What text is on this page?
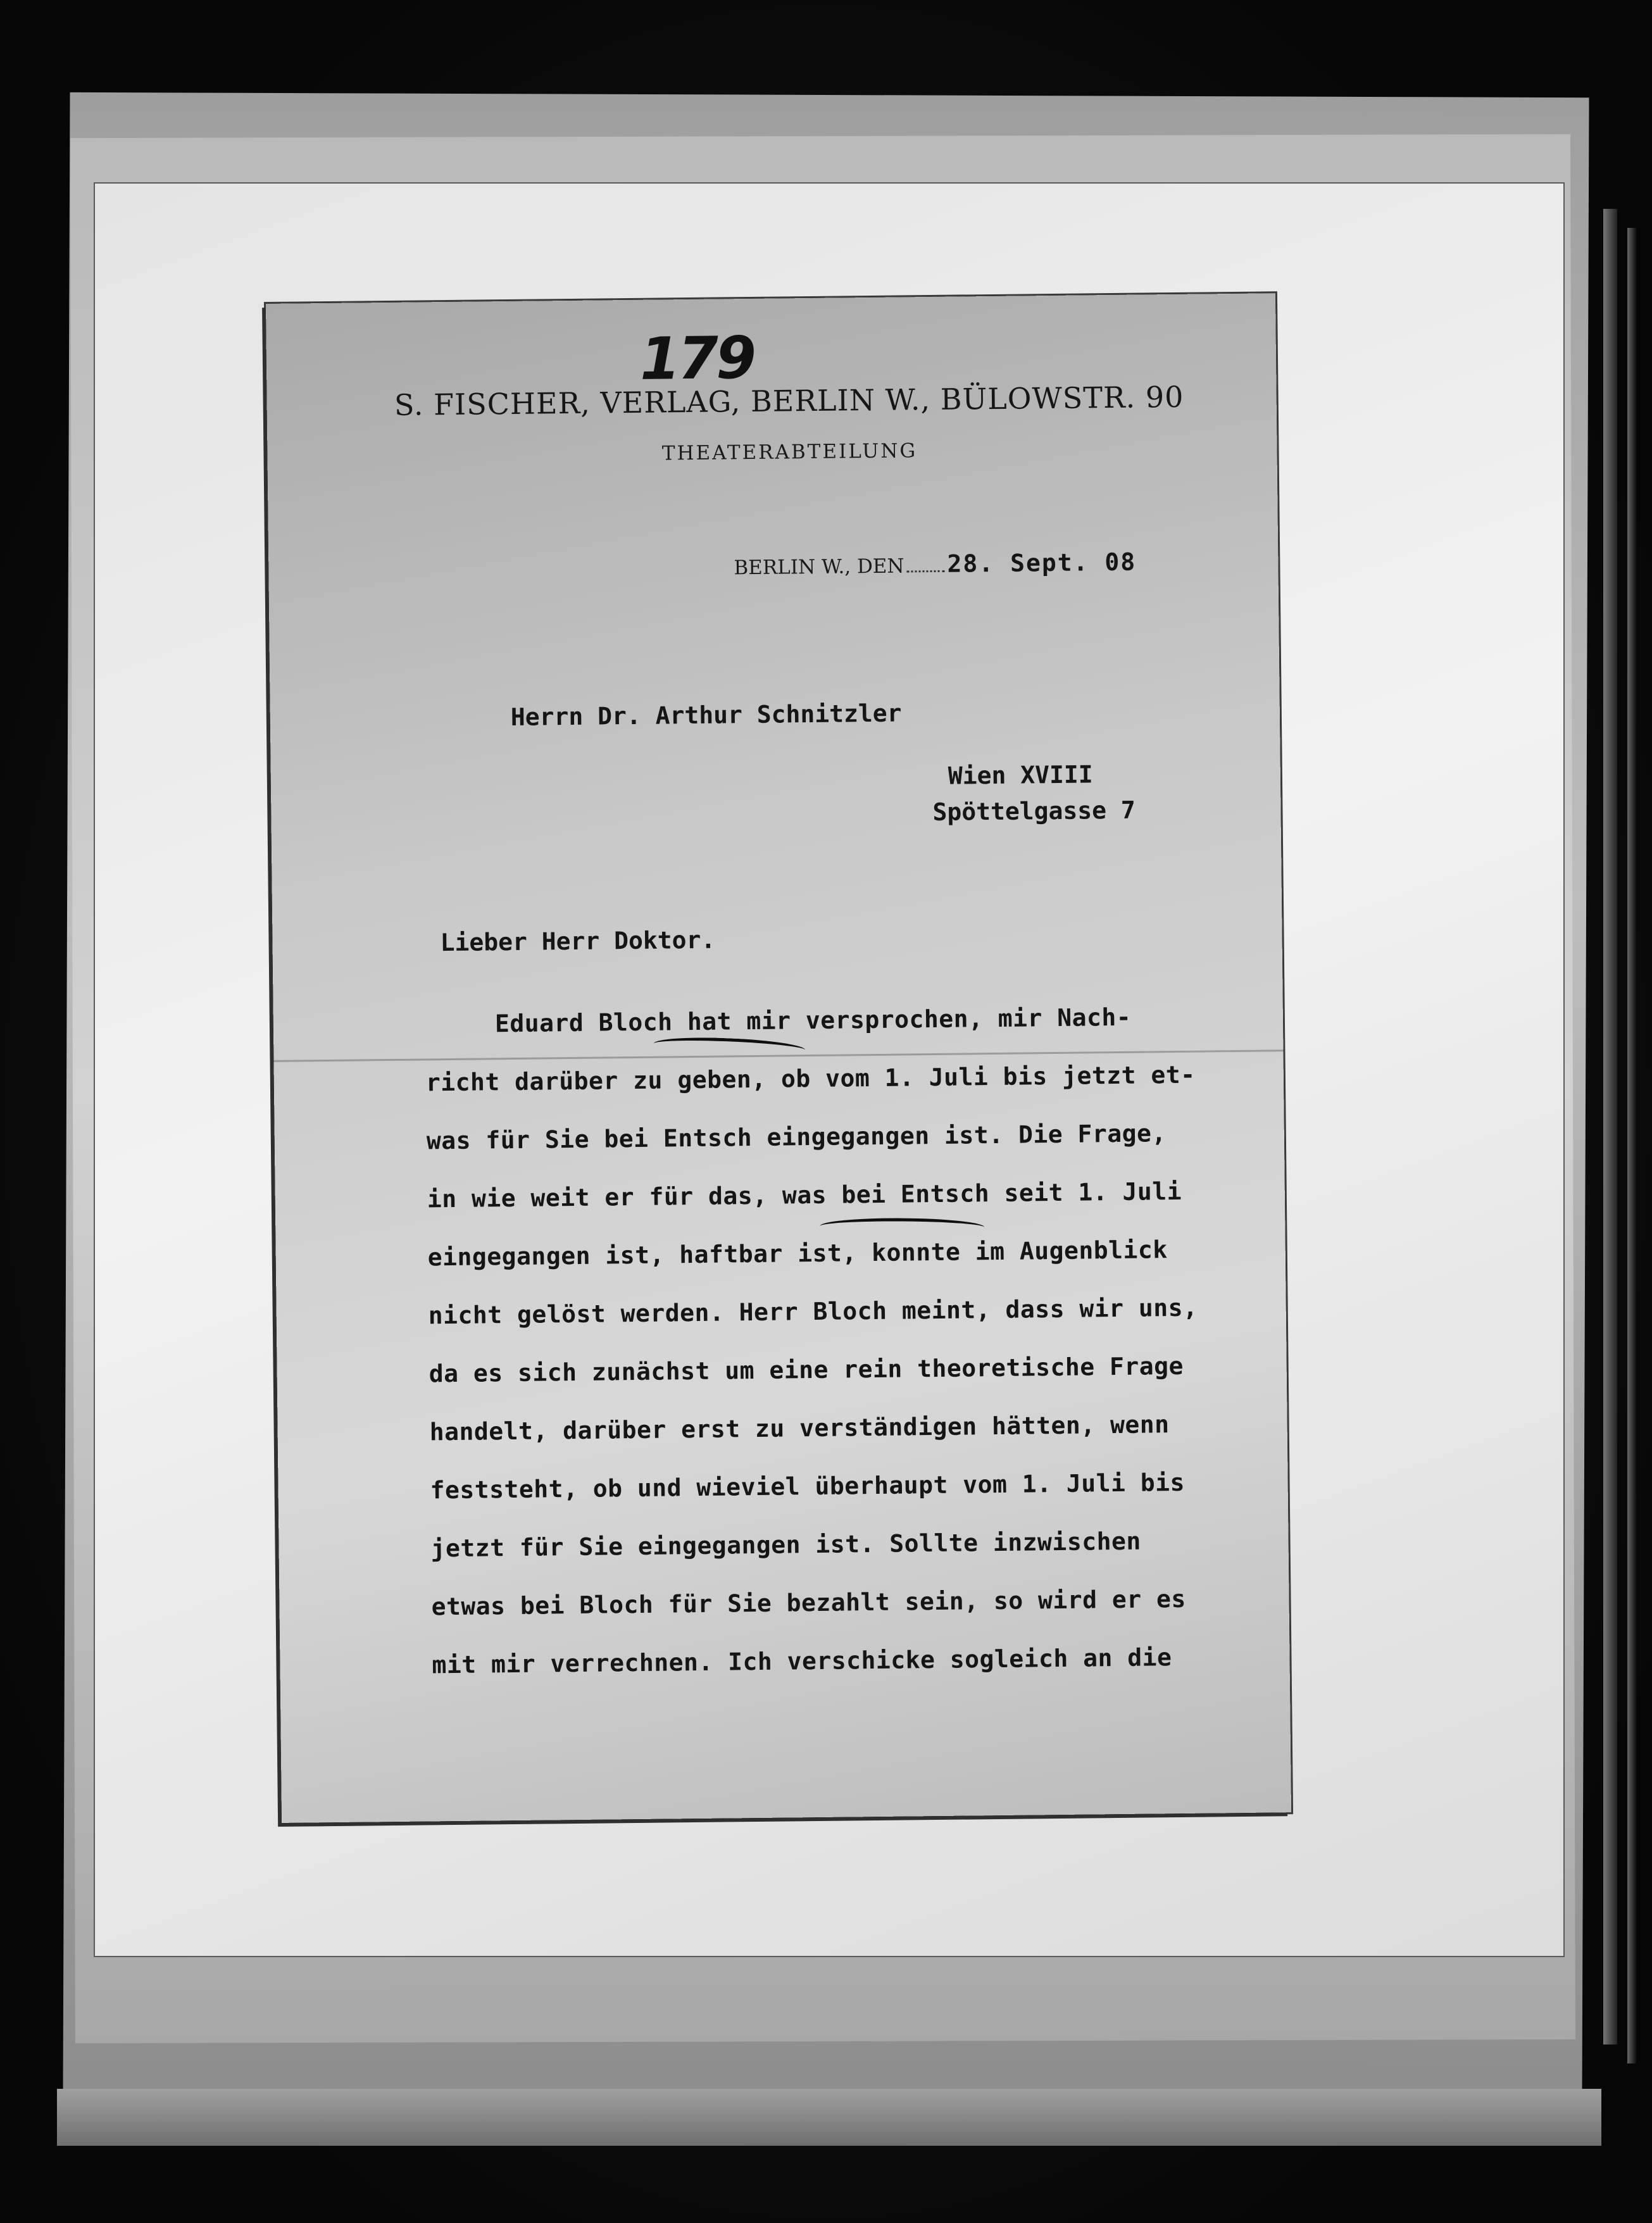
179
S. FISCHER, VERLAG, BERLIN W., BÜLOWSTR. 90
THEATERABTEILUNG
BERLIN W., DEN 28. Sept. 08
Herrn Dr. Arthur Schnitzler
Wien XVIII
Spöttelgasse 7
Lieber Herr Doktor.
Eduard Bloch hat mir versprochen, mir Nach-
richt darüber zu geben, ob vom 1. Juli bis jetzt et-
was für Sie bei Entsch eingegangen ist. Die Frage,
in wie weit er für das, was bei Entsch seit 1. Juli
eingegangen ist, haftbar ist, konnte im Augenblick
nicht gelöst werden. Herr Bloch meint, dass wir uns,
da es sich zunächst um eine rein theoretische Frage
handelt, darüber erst zu verständigen hätten, wenn
feststeht, ob und wieviel überhaupt vom 1. Juli bis
jetzt für Sie eingegangen ist. Sollte inzwischen
etwas bei Bloch für Sie bezahlt sein, so wird er es
mit mir verrechnen. Ich verschicke sogleich an die
